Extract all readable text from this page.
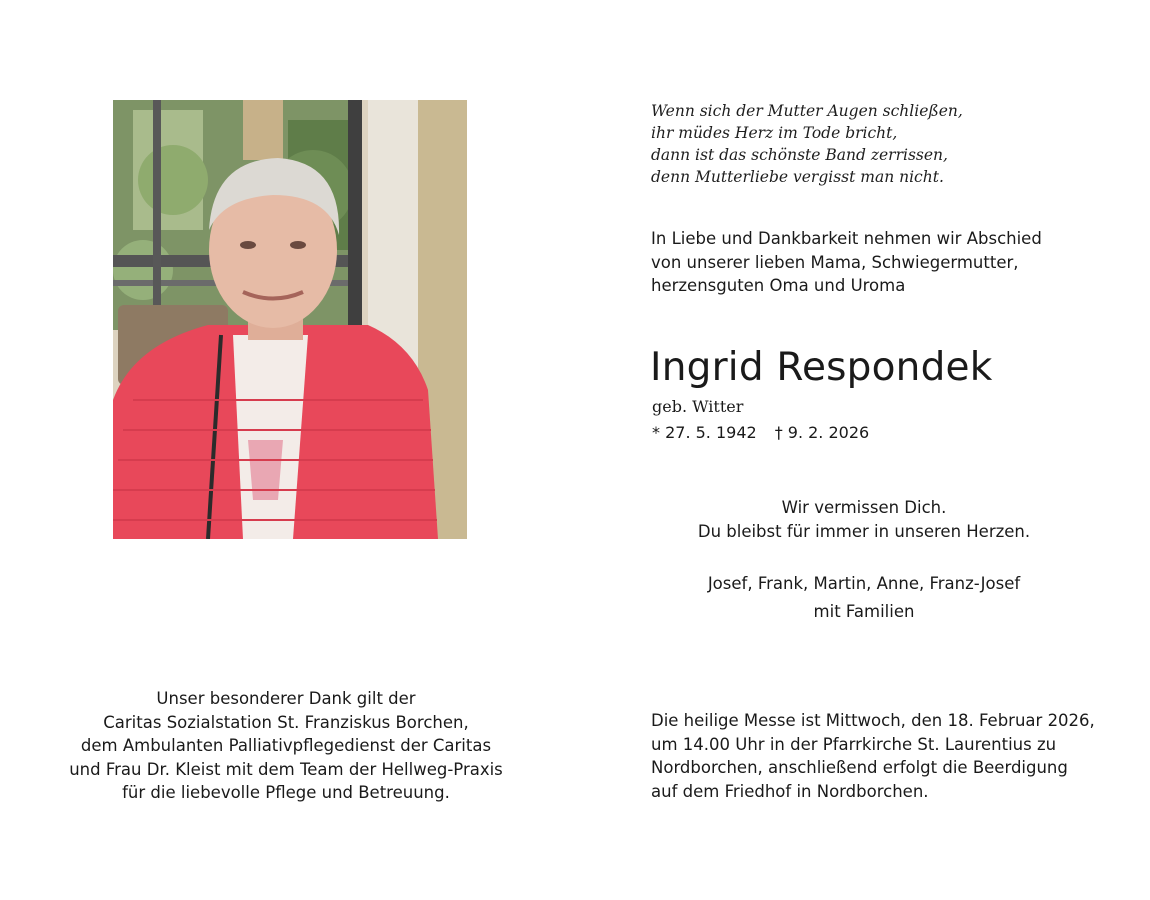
Wenn sich der Mutter Augen schließen,
ihr müdes Herz im Tode bricht,
dann ist das schönste Band zerrissen,
denn Mutterliebe vergisst man nicht.
In Liebe und Dankbarkeit nehmen wir Abschied
von unserer lieben Mama, Schwiegermutter,
herzensguten Oma und Uroma
Ingrid Respondek
geb. Witter
* 27. 5. 1942 † 9. 2. 2026
Wir vermissen Dich.
Du bleibst für immer in unseren Herzen.
Josef, Frank, Martin, Anne, Franz-Josef
mit Familien
Unser besonderer Dank gilt der
Caritas Sozialstation St. Franziskus Borchen,
dem Ambulanten Palliativpflegedienst der Caritas
und Frau Dr. Kleist mit dem Team der Hellweg-Praxis
für die liebevolle Pflege und Betreuung.
Die heilige Messe ist Mittwoch, den 18. Februar 2026,
um 14.00 Uhr in der Pfarrkirche St. Laurentius zu
Nordborchen, anschließend erfolgt die Beerdigung
auf dem Friedhof in Nordborchen.
